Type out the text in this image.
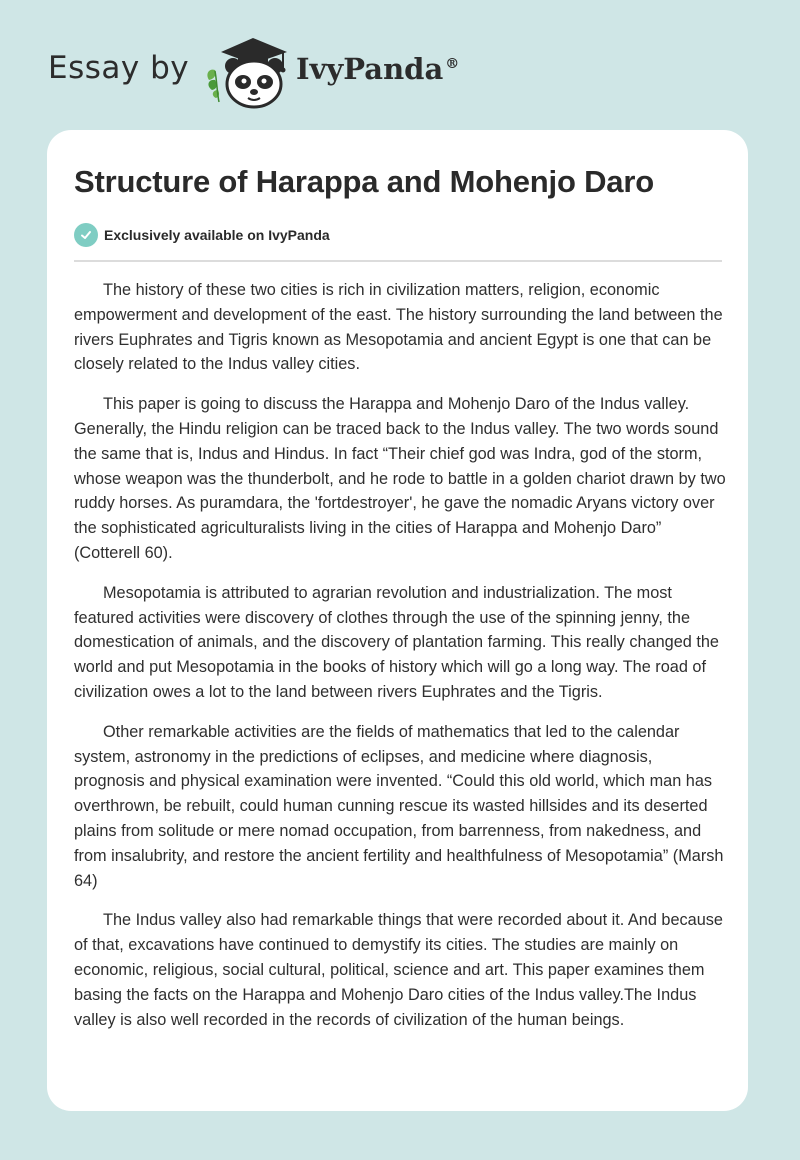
Essay by	IvyPanda ®
Structure of Harappa and Mohenjo Daro
Exclusively available on IvyPanda

The history of these two cities is rich in civilization matters, religion, economic empowerment and development of the east. The history surrounding the land between the rivers Euphrates and Tigris known as Mesopotamia and ancient Egypt is one that can be closely related to the Indus valley cities.

This paper is going to discuss the Harappa and Mohenjo Daro of the Indus valley. Generally, the Hindu religion can be traced back to the Indus valley. The two words sound the same that is, Indus and Hindus. In fact “Their chief god was Indra, god of the storm, whose weapon was the thunderbolt, and he rode to battle in a golden chariot drawn by two ruddy horses. As puramdara, the 'fortdestroyer', he gave the nomadic Aryans victory over the sophisticated agriculturalists living in the cities of Harappa and Mohenjo Daro” (Cotterell 60).

Mesopotamia is attributed to agrarian revolution and industrialization. The most featured activities were discovery of clothes through the use of the spinning jenny, the domestication of animals, and the discovery of plantation farming. This really changed the world and put Mesopotamia in the books of history which will go a long way. The road of civilization owes a lot to the land between rivers Euphrates and the Tigris.

Other remarkable activities are the fields of mathematics that led to the calendar system, astronomy in the predictions of eclipses, and medicine where diagnosis, prognosis and physical examination were invented. “Could this old world, which man has overthrown, be rebuilt, could human cunning rescue its wasted hillsides and its deserted plains from solitude or mere nomad occupation, from barrenness, from nakedness, and from insalubrity, and restore the ancient fertility and healthfulness of Mesopotamia” (Marsh 64)

The Indus valley also had remarkable things that were recorded about it. And because of that, excavations have continued to demystify its cities. The studies are mainly on economic, religious, social cultural, political, science and art. This paper examines them basing the facts on the Harappa and Mohenjo Daro cities of the Indus valley.The Indus valley is also well recorded in the records of civilization of the human beings.
